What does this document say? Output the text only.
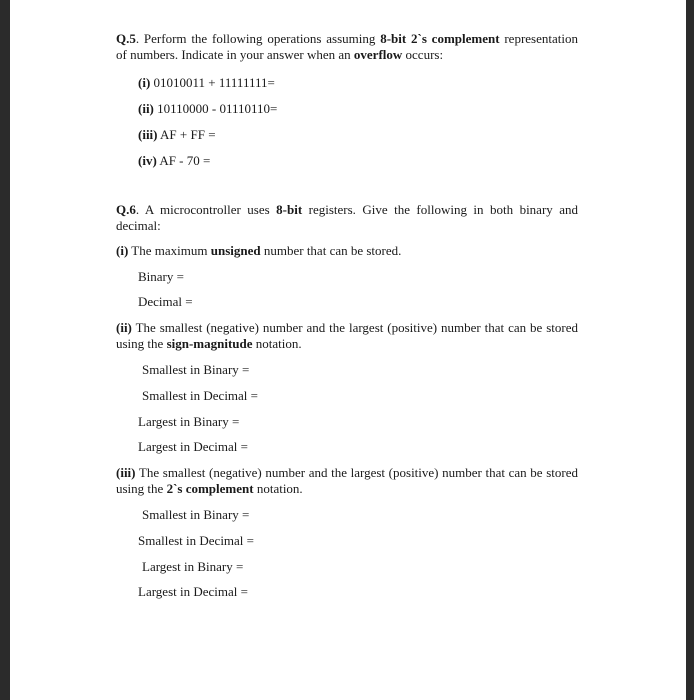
Q.5. Perform the following operations assuming 8-bit 2`s complement representation of numbers. Indicate in your answer when an overflow occurs:
(i) 01010011 + 11111111=
(ii) 10110000 - 01110110=
(iii) AF + FF =
(iv) AF - 70 =
Q.6. A microcontroller uses 8-bit registers. Give the following in both binary and decimal:
(i) The maximum unsigned number that can be stored.
Binary =
Decimal =
(ii) The smallest (negative) number and the largest (positive) number that can be stored using the sign-magnitude notation.
Smallest in Binary =
Smallest in Decimal =
Largest in Binary =
Largest in Decimal =
(iii) The smallest (negative) number and the largest (positive) number that can be stored using the 2`s complement notation.
Smallest in Binary =
Smallest in Decimal =
Largest in Binary =
Largest in Decimal =
